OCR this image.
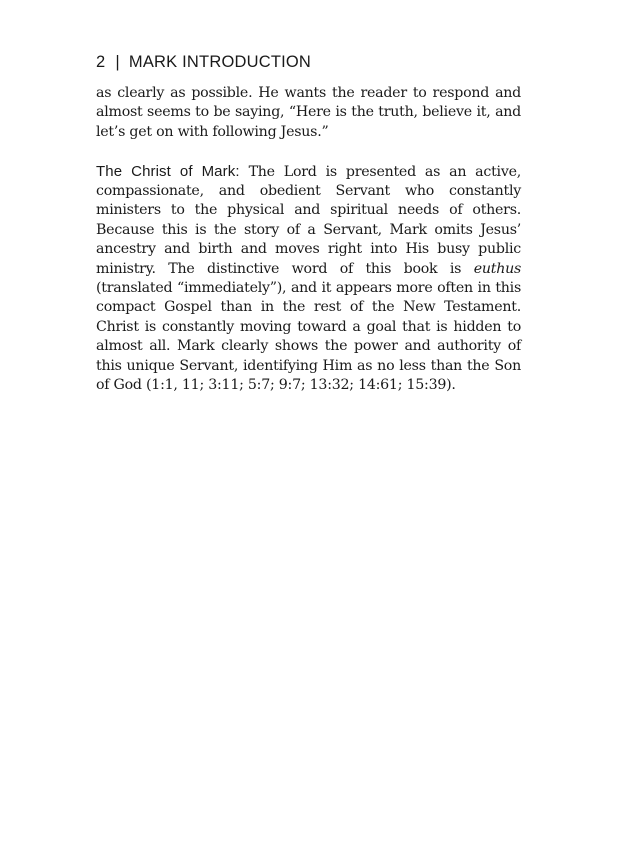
2 | MARK INTRODUCTION

as clearly as possible. He wants the reader to respond and almost seems to be saying, “Here is the truth, believe it, and let’s get on with following Jesus.”

The Christ of Mark: The Lord is presented as an active, compassionate, and obedient Servant who constantly ministers to the physical and spiritual needs of others. Because this is the story of a Servant, Mark omits Jesus’ ancestry and birth and moves right into His busy public ministry. The distinctive word of this book is euthus (translated “immediately”), and it appears more often in this compact Gospel than in the rest of the New Testament. Christ is constantly moving toward a goal that is hidden to almost all. Mark clearly shows the power and authority of this unique Servant, identifying Him as no less than the Son of God (1:1, 11; 3:11; 5:7; 9:7; 13:32; 14:61; 15:39).
